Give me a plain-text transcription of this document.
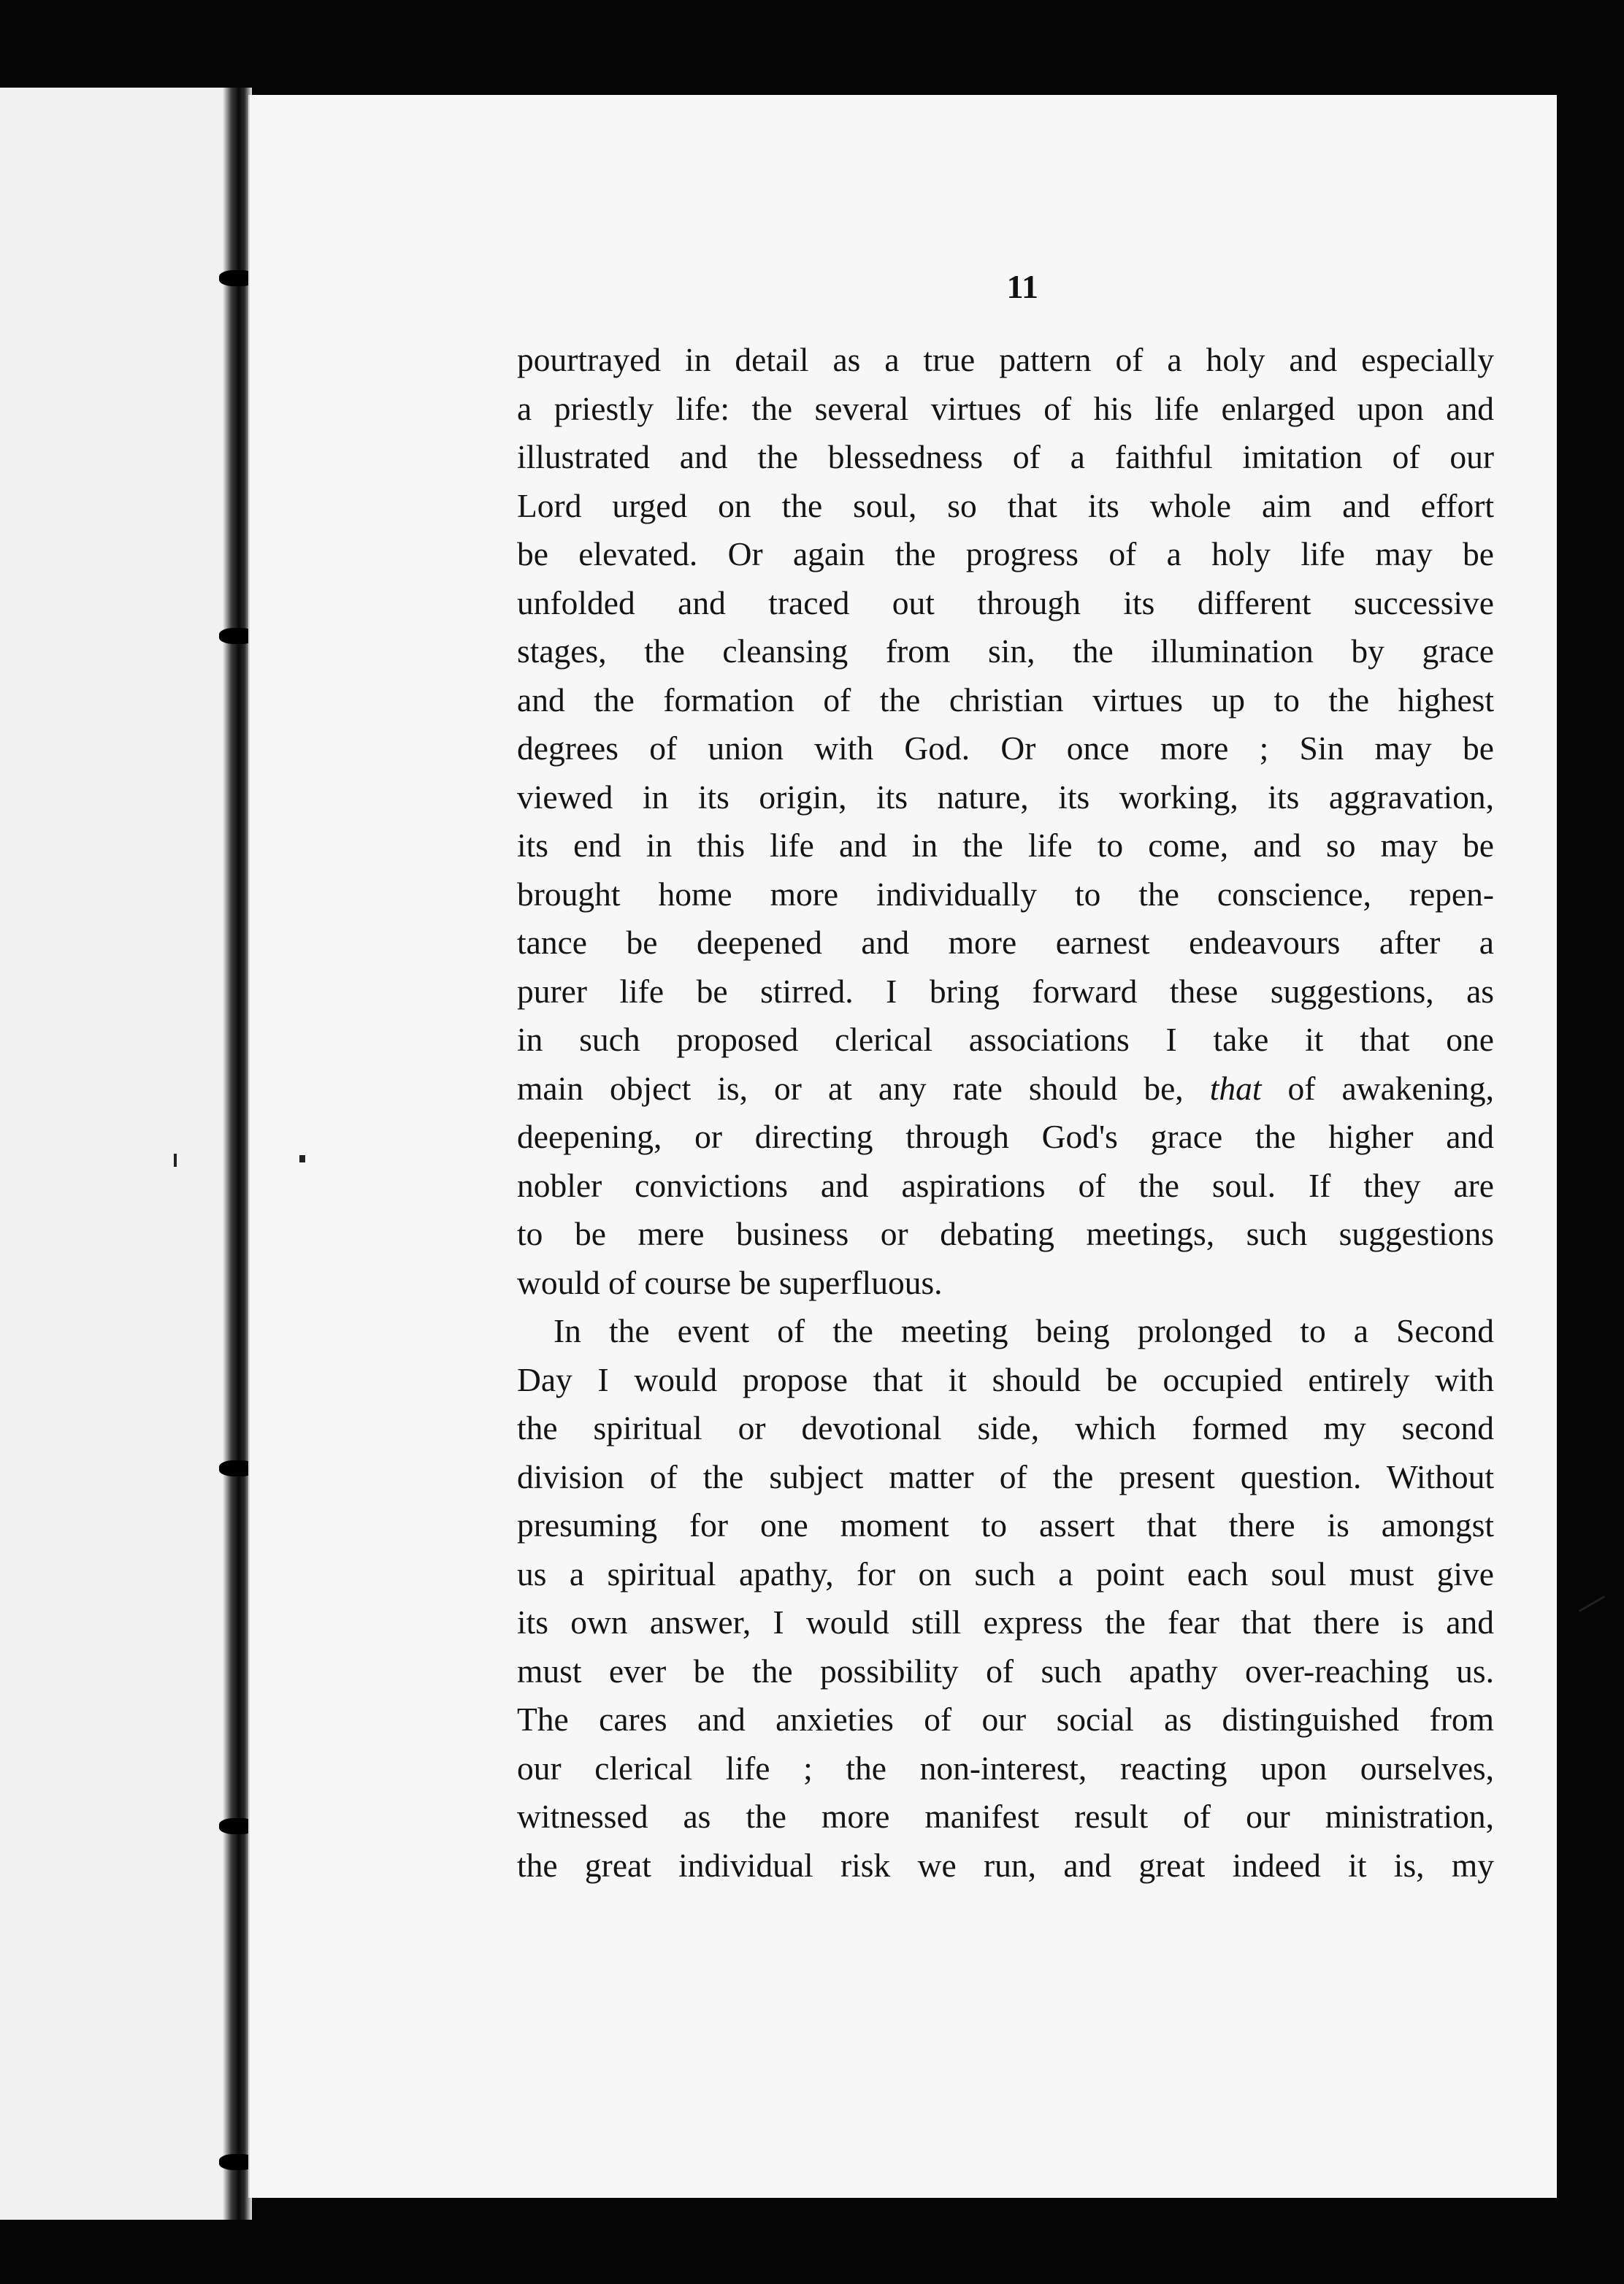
11
pourtrayed in detail as a true pattern of a holy and especially
a priestly life: the several virtues of his life enlarged upon and
illustrated and the blessedness of a faithful imitation of our
Lord urged on the soul, so that its whole aim and effort
be elevated. Or again the progress of a holy life may be
unfolded and traced out through its different successive
stages, the cleansing from sin, the illumination by grace
and the formation of the christian virtues up to the highest
degrees of union with God. Or once more ; Sin may be
viewed in its origin, its nature, its working, its aggravation,
its end in this life and in the life to come, and so may be
brought home more individually to the conscience, repen-
tance be deepened and more earnest endeavours after a
purer life be stirred. I bring forward these suggestions, as
in such proposed clerical associations I take it that one
main object is, or at any rate should be, that of awakening,
deepening, or directing through God's grace the higher and
nobler convictions and aspirations of the soul. If they are
to be mere business or debating meetings, such suggestions
would of course be superfluous.
In the event of the meeting being prolonged to a Second
Day I would propose that it should be occupied entirely with
the spiritual or devotional side, which formed my second
division of the subject matter of the present question. Without
presuming for one moment to assert that there is amongst
us a spiritual apathy, for on such a point each soul must give
its own answer, I would still express the fear that there is and
must ever be the possibility of such apathy over-reaching us.
The cares and anxieties of our social as distinguished from
our clerical life ; the non-interest, reacting upon ourselves,
witnessed as the more manifest result of our ministration,
the great individual risk we run, and great indeed it is, my
